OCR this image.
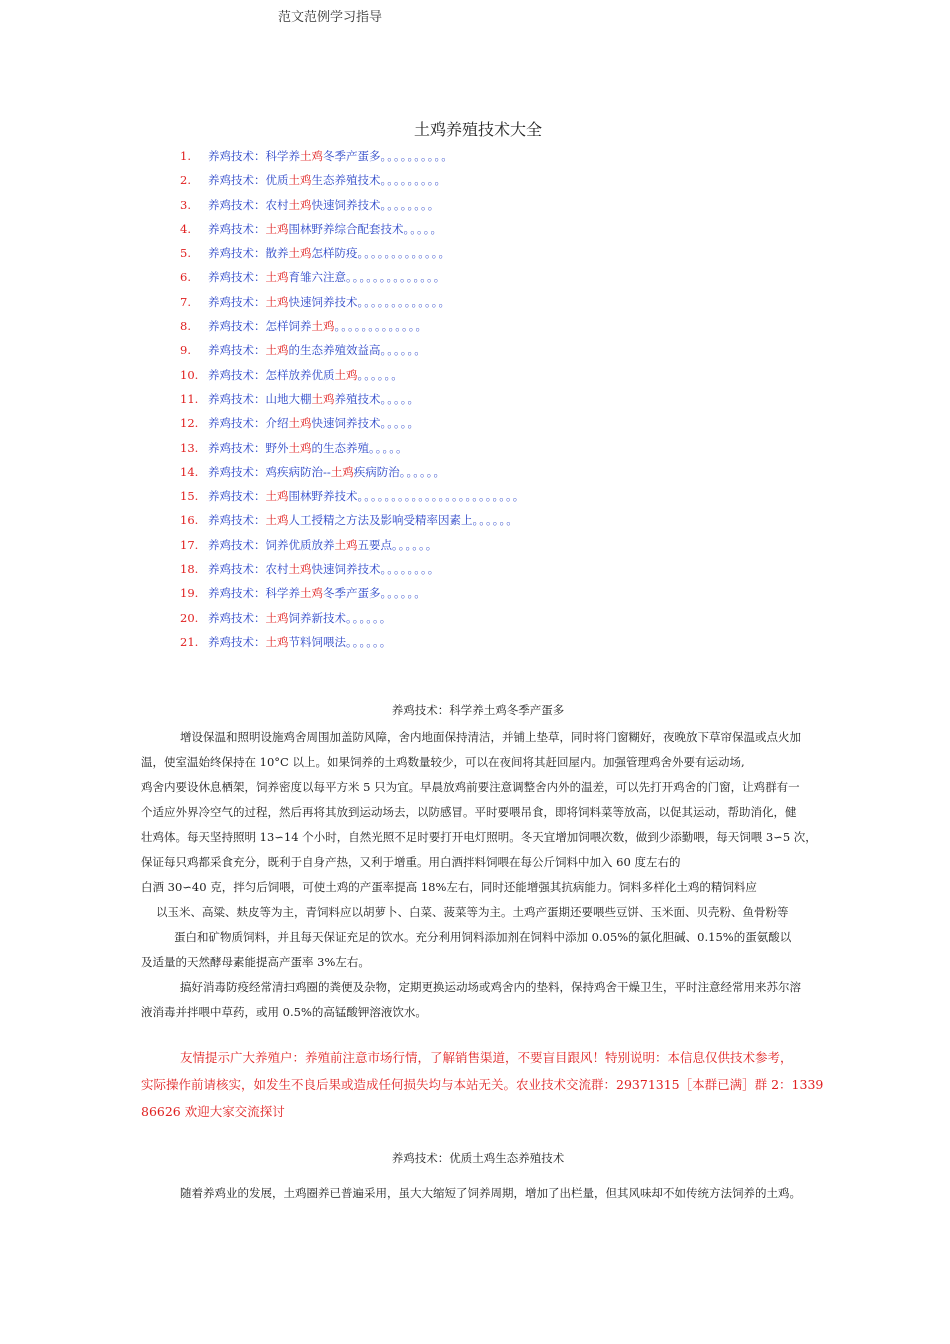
范文范例学习指导
土鸡养殖技术大全
1. 养鸡技术：科学养土鸡冬季产蛋多。。。。。。。。。。
2. 养鸡技术：优质土鸡生态养殖技术。。。。。。。。。
3. 养鸡技术：农村土鸡快速饲养技术。。。。。。。。
4. 养鸡技术：土鸡围林野养综合配套技术。。。。。
5. 养鸡技术：散养土鸡怎样防疫。。。。。。。。。。。。。
6. 养鸡技术：土鸡育雏六注意。。。。。。。。。。。。。。
7. 养鸡技术：土鸡快速饲养技术。。。。。。。。。。。。。
8. 养鸡技术：怎样饲养土鸡。。。。。。。。。。。。。
9. 养鸡技术：土鸡的生态养殖效益高。。。。。。
10. 养鸡技术：怎样放养优质土鸡。。。。。。
11. 养鸡技术：山地大棚土鸡养殖技术。。。。。
12. 养鸡技术：介绍土鸡快速饲养技术。。。。。
13. 养鸡技术：野外土鸡的生态养殖。。。。。
14. 养鸡技术：鸡疾病防治--土鸡疾病防治。。。。。。
15. 养鸡技术：土鸡围林野养技术。。。。。。。。。。。。。。。。。。。。。。。。
16. 养鸡技术：土鸡人工授精之方法及影响受精率因素上。。。。。。
17. 养鸡技术：饲养优质放养土鸡五要点。。。。。。
18. 养鸡技术：农村土鸡快速饲养技术。。。。。。。。
19. 养鸡技术：科学养土鸡冬季产蛋多。。。。。。
20. 养鸡技术：土鸡饲养新技术。。。。。。
21. 养鸡技术：土鸡节料饲喂法。。。。。。
养鸡技术：科学养土鸡冬季产蛋多
增设保温和照明设施鸡舍周围加盖防风障，舍内地面保持清洁，并铺上垫草，同时将门窗糊好，夜晚放下草帘保温或点火加
温，使室温始终保持在 10°C 以上。如果饲养的土鸡数量较少，可以在夜间将其赶回屋内。加强管理鸡舍外要有运动场,
鸡舍内要设休息栖架，饲养密度以每平方米 5 只为宜。早晨放鸡前要注意调整舍内外的温差，可以先打开鸡舍的门窗，让鸡群有一
个适应外界冷空气的过程，然后再将其放到运动场去，以防感冒。平时要喂吊食，即将饲料菜等放高，以促其运动，帮助消化，健
壮鸡体。每天坚持照明 13∽14 个小时，自然光照不足时要打开电灯照明。冬天宜增加饲喂次数，做到少添勤喂，每天饲喂 3∽5 次，
保证每只鸡都采食充分，既利于自身产热，又利于增重。用白酒拌料饲喂在每公斤饲料中加入 60 度左右的
白酒 30∽40 克，拌匀后饲喂，可使土鸡的产蛋率提高 18%左右，同时还能增强其抗病能力。饲料多样化土鸡的精饲料应
以玉米、高粱、麸皮等为主，青饲料应以胡萝卜、白菜、菠菜等为主。土鸡产蛋期还要喂些豆饼、玉米面、贝壳粉、鱼骨粉等
蛋白和矿物质饲料，并且每天保证充足的饮水。充分利用饲料添加剂在饲料中添加 0.05%的氯化胆碱、0.15%的蛋氨酸以
及适量的天然酵母素能提高产蛋率 3%左右。
搞好消毒防疫经常清扫鸡圈的粪便及杂物，定期更换运动场或鸡舍内的垫料，保持鸡舍干燥卫生，平时注意经常用来苏尔溶
液消毒并拌喂中草药，或用 0.5%的高锰酸钾溶液饮水。
友情提示广大养殖户：养殖前注意市场行情，了解销售渠道，不要盲目跟风！特别说明：本信息仅供技术参考，
实际操作前请核实，如发生不良后果或造成任何损失均与本站无关。农业技术交流群：29371315［本群已满］群 2：1339
86626 欢迎大家交流探讨
养鸡技术：优质土鸡生态养殖技术
随着养鸡业的发展，土鸡圈养已普遍采用，虽大大缩短了饲养周期，增加了出栏量，但其风味却不如传统方法饲养的土鸡。
